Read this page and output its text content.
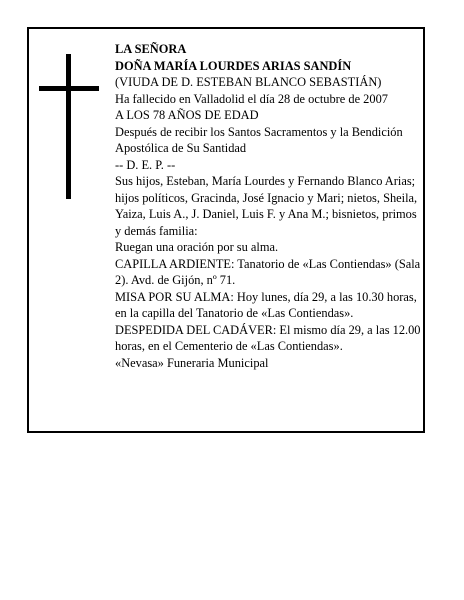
LA SEÑORA

DOÑA MARÍA LOURDES ARIAS SANDÍN

(VIUDA DE D. ESTEBAN BLANCO SEBASTIÁN)

Ha fallecido en Valladolid el día 28 de octubre de 2007

A LOS 78 AÑOS DE EDAD

Después de recibir los Santos Sacramentos y la Bendición Apostólica de Su Santidad

-- D. E. P. --

Sus hijos, Esteban, María Lourdes y Fernando Blanco Arias; hijos políticos, Gracinda, José Ignacio y Mari; nietos, Sheila, Yaiza, Luis A., J. Daniel, Luis F. y Ana M.; bisnietos, primos y demás familia:

Ruegan una oración por su alma.

CAPILLA ARDIENTE: Tanatorio de «Las Contiendas» (Sala 2). Avd. de Gijón, nº 71.

MISA POR SU ALMA: Hoy lunes, día 29, a las 10.30 horas, en la capilla del Tanatorio de «Las Contiendas».

DESPEDIDA DEL CADÁVER: El mismo día 29, a las 12.00 horas, en el Cementerio de «Las Contiendas».

«Nevasa» Funeraria Municipal
